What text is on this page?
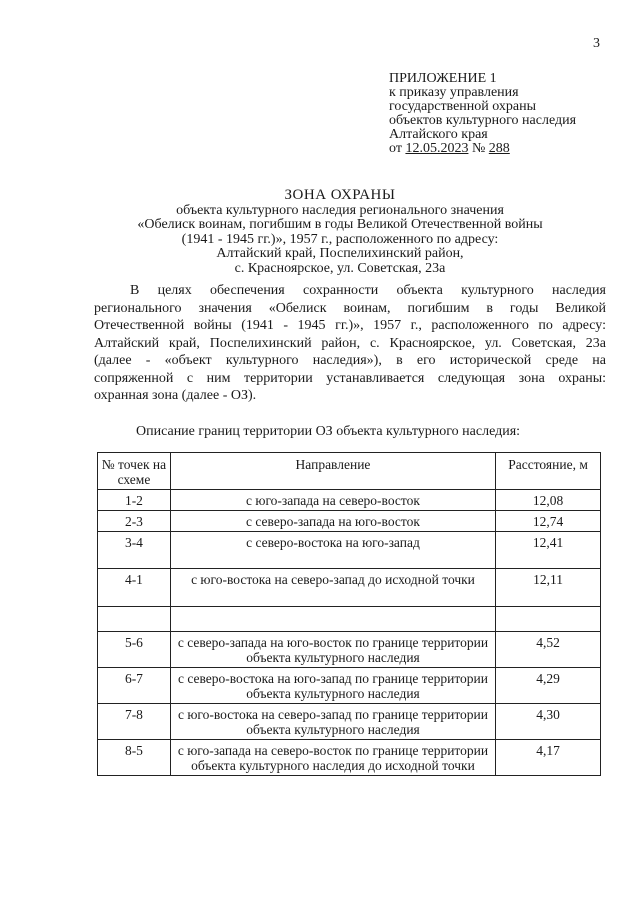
3
ПРИЛОЖЕНИЕ 1
к приказу управления
государственной охраны
объектов культурного наследия
Алтайского края
от 12.05.2023 № 288
ЗОНА ОХРАНЫ
объекта культурного наследия регионального значения
«Обелиск воинам, погибшим в годы Великой Отечественной войны
(1941 - 1945 гг.)», 1957 г., расположенного по адресу:
Алтайский край, Поспелихинский район,
с. Красноярское, ул. Советская, 23а
В целях обеспечения сохранности объекта культурного наследия
регионального значения «Обелиск воинам, погибшим в годы Великой
Отечественной войны (1941 - 1945 гг.)», 1957 г., расположенного по адресу:
Алтайский край, Поспелихинский район, с. Красноярское, ул. Советская, 23а
(далее - «объект культурного наследия»), в его исторической среде на
сопряженной с ним территории устанавливается следующая зона охраны:
охранная зона (далее - ОЗ).
Описание границ территории ОЗ объекта культурного наследия:
№ точек на схеме	Направление	Расстояние, м
1-2	с юго-запада на северо-восток	12,08
2-3	с северо-запада на юго-восток	12,74
3-4	с северо-востока на юго-запад	12,41
4-1	с юго-востока на северо-запад до исходной точки	12,11

5-6	с северо-запада на юго-восток по границе территории объекта культурного наследия	4,52
6-7	с северо-востока на юго-запад по границе территории объекта культурного наследия	4,29
7-8	с юго-востока на северо-запад по границе территории объекта культурного наследия	4,30
8-5	с юго-запада на северо-восток по границе территории объекта культурного наследия до исходной точки	4,17
